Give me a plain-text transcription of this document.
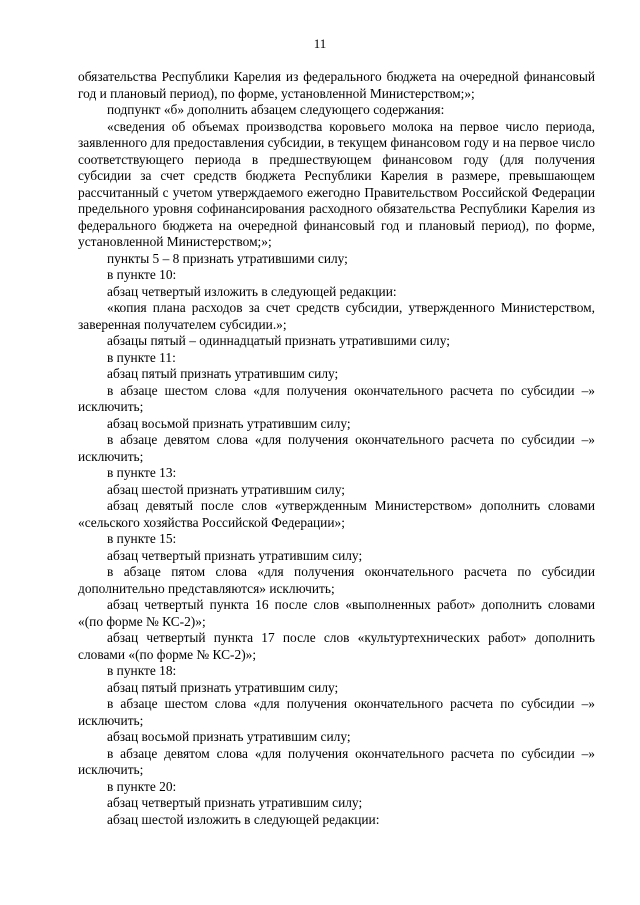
11

обязательства Республики Карелия из федерального бюджета на очередной финансовый год и плановый период), по форме, установленной Министерством;»;

подпункт «б» дополнить абзацем следующего содержания:

«сведения об объемах производства коровьего молока на первое число периода, заявленного для предоставления субсидии, в текущем финансовом году и на первое число соответствующего периода в предшествующем финансовом году (для получения субсидии за счет средств бюджета Республики Карелия в размере, превышающем рассчитанный с учетом утверждаемого ежегодно Правительством Российской Федерации предельного уровня софинансирования расходного обязательства Республики Карелия из федерального бюджета на очередной финансовый год и плановый период), по форме, установленной Министерством;»;

пункты 5 – 8 признать утратившими силу;

в пункте 10:

абзац четвертый изложить в следующей редакции:

«копия плана расходов за счет средств субсидии, утвержденного Министерством, заверенная получателем субсидии.»;

абзацы пятый – одиннадцатый признать утратившими силу;

в пункте 11:

абзац пятый признать утратившим силу;

в абзаце шестом слова «для получения окончательного расчета по субсидии –» исключить;

абзац восьмой признать утратившим силу;

в абзаце девятом слова «для получения окончательного расчета по субсидии –» исключить;

в пункте 13:

абзац шестой признать утратившим силу;

абзац девятый после слов «утвержденным Министерством» дополнить словами «сельского хозяйства Российской Федерации»;

в пункте 15:

абзац четвертый признать утратившим силу;

в абзаце пятом слова «для получения окончательного расчета по субсидии дополнительно представляются» исключить;

абзац четвертый пункта 16 после слов «выполненных работ» дополнить словами «(по форме № КС-2)»;

абзац четвертый пункта 17 после слов «культуртехнических работ» дополнить словами «(по форме № КС-2)»;

в пункте 18:

абзац пятый признать утратившим силу;

в абзаце шестом слова «для получения окончательного расчета по субсидии –» исключить;

абзац восьмой признать утратившим силу;

в абзаце девятом слова «для получения окончательного расчета по субсидии –» исключить;

в пункте 20:

абзац четвертый признать утратившим силу;

абзац шестой изложить в следующей редакции:
